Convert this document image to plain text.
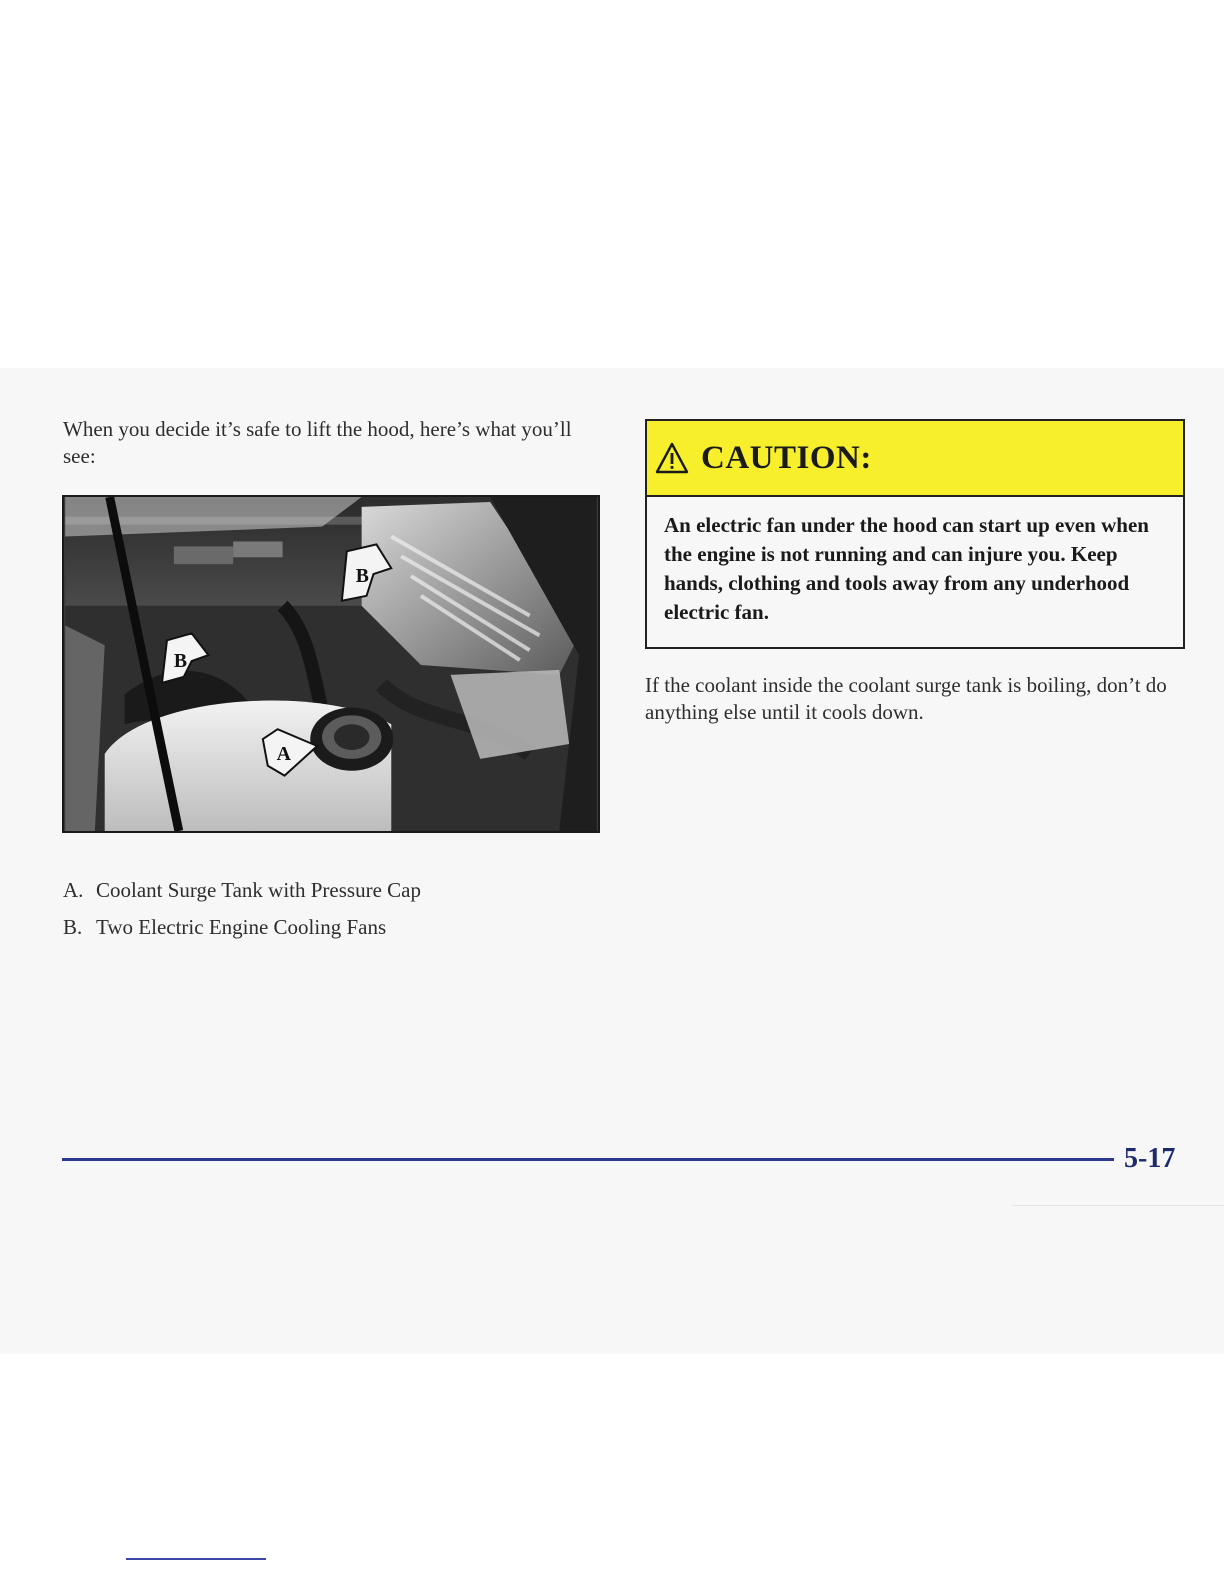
When you decide it’s safe to lift the hood, here’s what you’ll see:

B
B
A
A. Coolant Surge Tank with Pressure Cap
B. Two Electric Engine Cooling Fans
CAUTION:
An electric fan under the hood can start up even when the engine is not running and can injure you. Keep hands, clothing and tools away from any underhood electric fan.

If the coolant inside the coolant surge tank is boiling, don’t do anything else until it cools down.

5-17
